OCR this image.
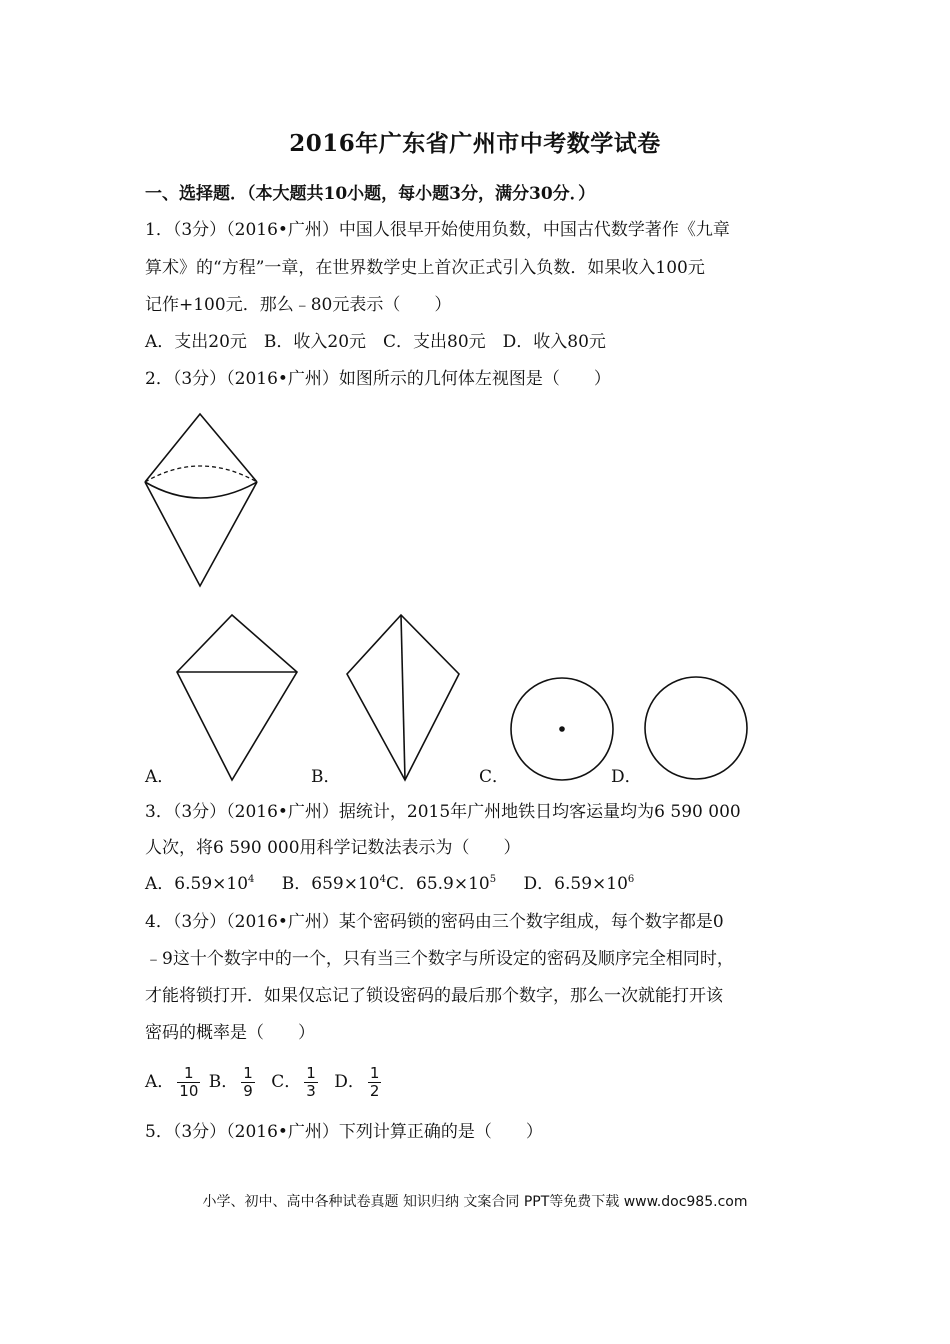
2016年广东省广州市中考数学试卷
一、选择题．（本大题共10小题，每小题3分，满分30分．）
1．（3分）（2016•广州）中国人很早开始使用负数，中国古代数学著作《九章
算术》的“方程”一章，在世界数学史上首次正式引入负数．如果收入100元
记作+100元．那么﹣80元表示（　　）
A．支出20元　B．收入20元　C．支出80元　D．收入80元
2．（3分）（2016•广州）如图所示的几何体左视图是（　　）
A．	B．	C．	D．
3．（3分）（2016•广州）据统计，2015年广州地铁日均客运量均为6 590 000
人次，将6 590 000用科学记数法表示为（　　）
A．$6.59\times 10^4$ B．$659\times 10^4C$．$65.9\times 10^5$ D．$6.59\times 10^6$
4．（3分）（2016•广州）某个密码锁的密码由三个数字组成，每个数字都是0
﹣9这十个数字中的一个，只有当三个数字与所设定的密码及顺序完全相同时，
才能将锁打开．如果仅忘记了锁设密码的最后那个数字，那么一次就能打开该
密码的概率是（　　）
A． $\frac{1}{10}$ B． $\frac{1}{9}$ C． $\frac{1}{3}$ D． $\frac{1}{2}$
5．（3分）（2016•广州）下列计算正确的是（　　）
小学、初中、高中各种试卷真题 知识归纳 文案合同 PPT等免费下载 www.doc985.com
